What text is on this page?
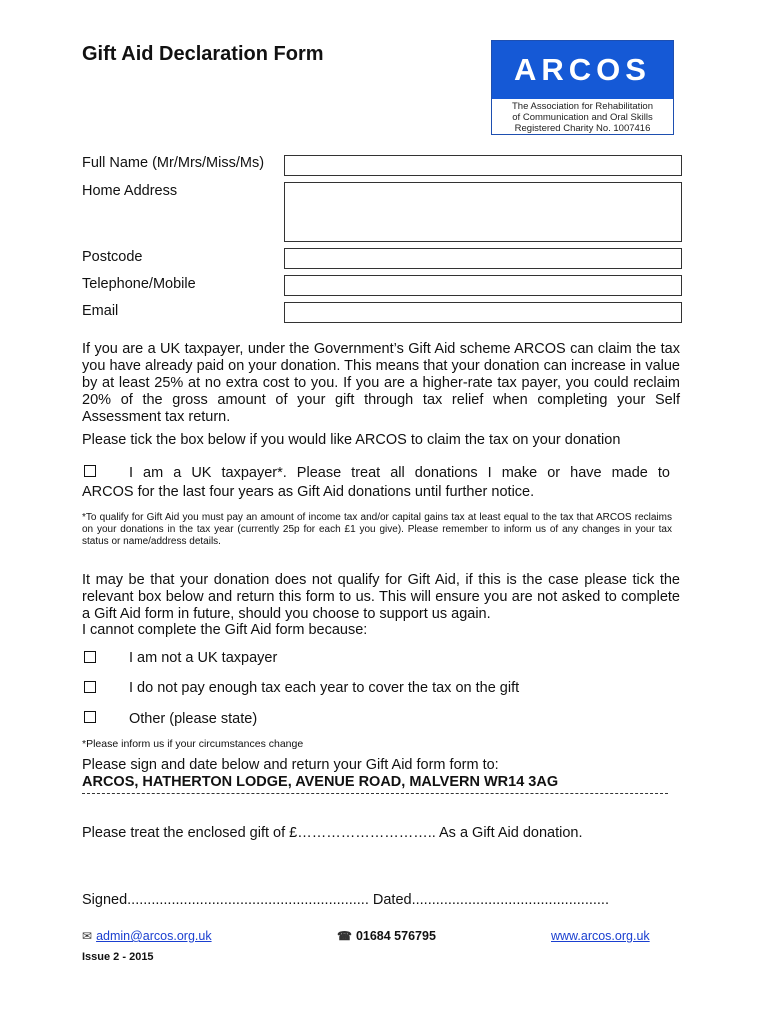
Gift Aid Declaration Form	ARCOS
The Association for Rehabilitation
of Communication and Oral Skills
Registered Charity No. 1007416
Full Name (Mr/Mrs/Miss/Ms)
Home Address
Postcode
Telephone/Mobile
Email
If you are a UK taxpayer, under the Government’s Gift Aid scheme ARCOS can claim the tax you have already paid on your donation. This means that your donation can increase in value by at least 25% at no extra cost to you. If you are a higher-rate tax payer, you could reclaim 20% of the gross amount of your gift through tax relief when completing your Self Assessment tax return.
Please tick the box below if you would like ARCOS to claim the tax on your donation
I am a UK taxpayer*. Please treat all donations I make or have made to
ARCOS for the last four years as Gift Aid donations until further notice.
*To qualify for Gift Aid you must pay an amount of income tax and/or capital gains tax at least equal to the tax that ARCOS reclaims on your donations in the tax year (currently 25p for each £1 you give). Please remember to inform us of any changes in your tax status or name/address details.
It may be that your donation does not qualify for Gift Aid, if this is the case please tick the relevant box below and return this form to us. This will ensure you are not asked to complete a Gift Aid form in future, should you choose to support us again.
I cannot complete the Gift Aid form because:
I am not a UK taxpayer
I do not pay enough tax each year to cover the tax on the gift
Other (please state)
*Please inform us if your circumstances change
Please sign and date below and return your Gift Aid form form to:
ARCOS, HATHERTON LODGE, AVENUE ROAD, MALVERN WR14 3AG
Please treat the enclosed gift of £……………………….. As a Gift Aid donation.
Signed............................................................ Dated.................................................
✉ admin@arcos.org.uk	☎ 01684 576795	www.arcos.org.uk
Issue 2 - 2015
